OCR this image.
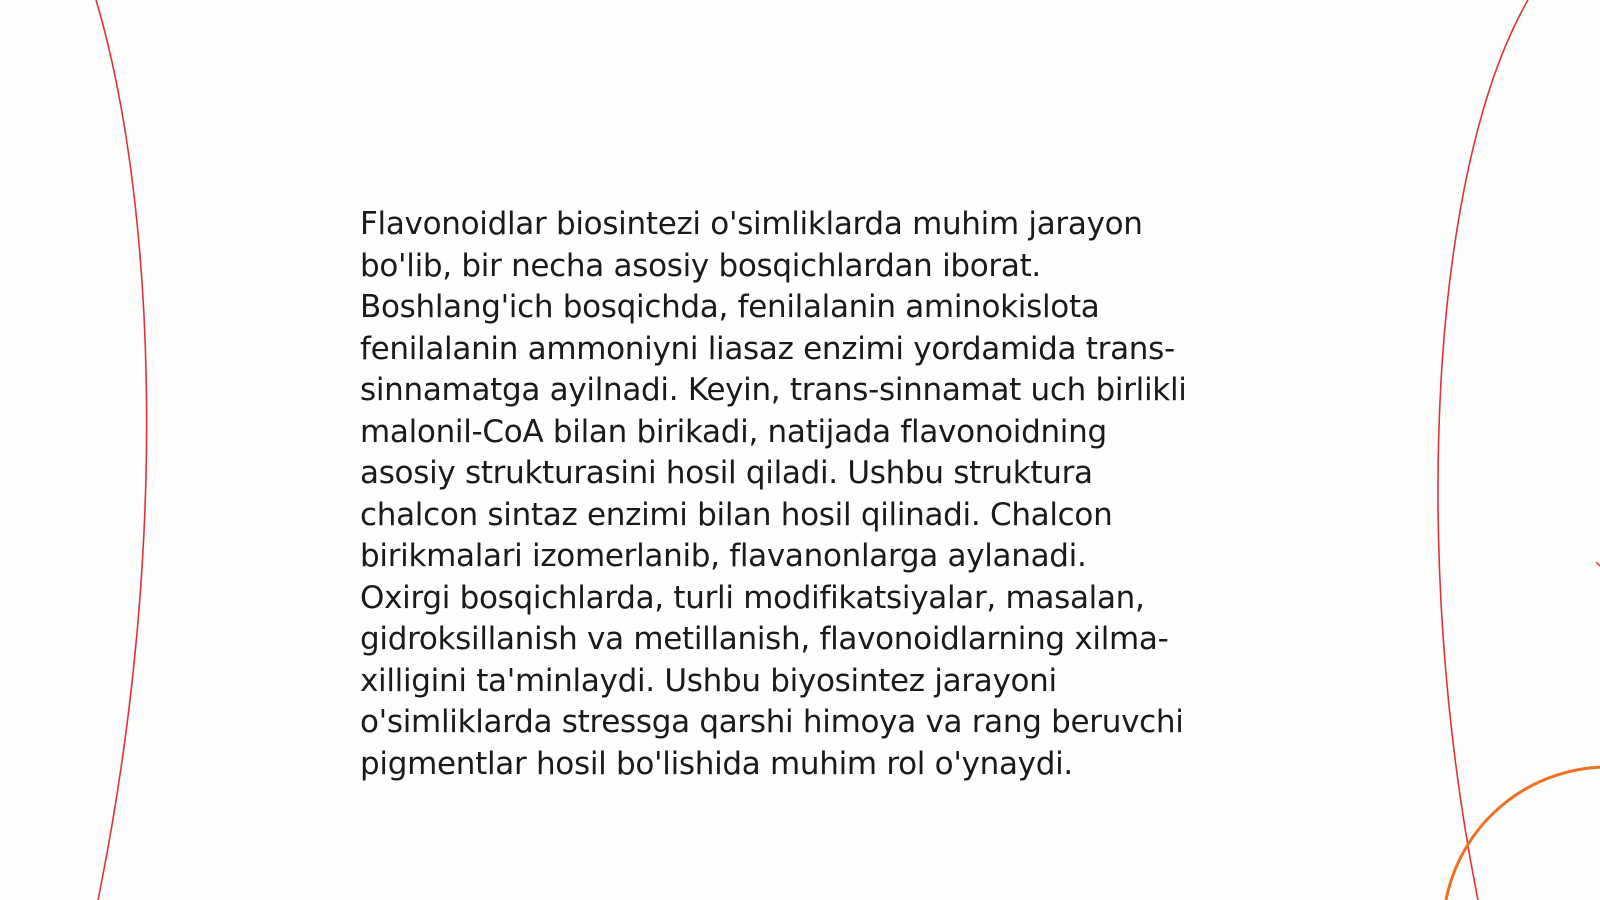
Flavonoidlar biosintezi o'simliklarda muhim jarayon
bo'lib, bir necha asosiy bosqichlardan iborat.
Boshlang'ich bosqichda, fenilalanin aminokislota
fenilalanin ammoniyni liasaz enzimi yordamida trans-
sinnamatga ayilnadi. Keyin, trans-sinnamat uch birlikli
malonil-CoA bilan birikadi, natijada flavonoidning
asosiy strukturasini hosil qiladi. Ushbu struktura
chalcon sintaz enzimi bilan hosil qilinadi. Chalcon
birikmalari izomerlanib, flavanonlarga aylanadi.
Oxirgi bosqichlarda, turli modifikatsiyalar, masalan,
gidroksillanish va metillanish, flavonoidlarning xilma-
xilligini ta'minlaydi. Ushbu biyosintez jarayoni
o'simliklarda stressga qarshi himoya va rang beruvchi
pigmentlar hosil bo'lishida muhim rol o'ynaydi.
